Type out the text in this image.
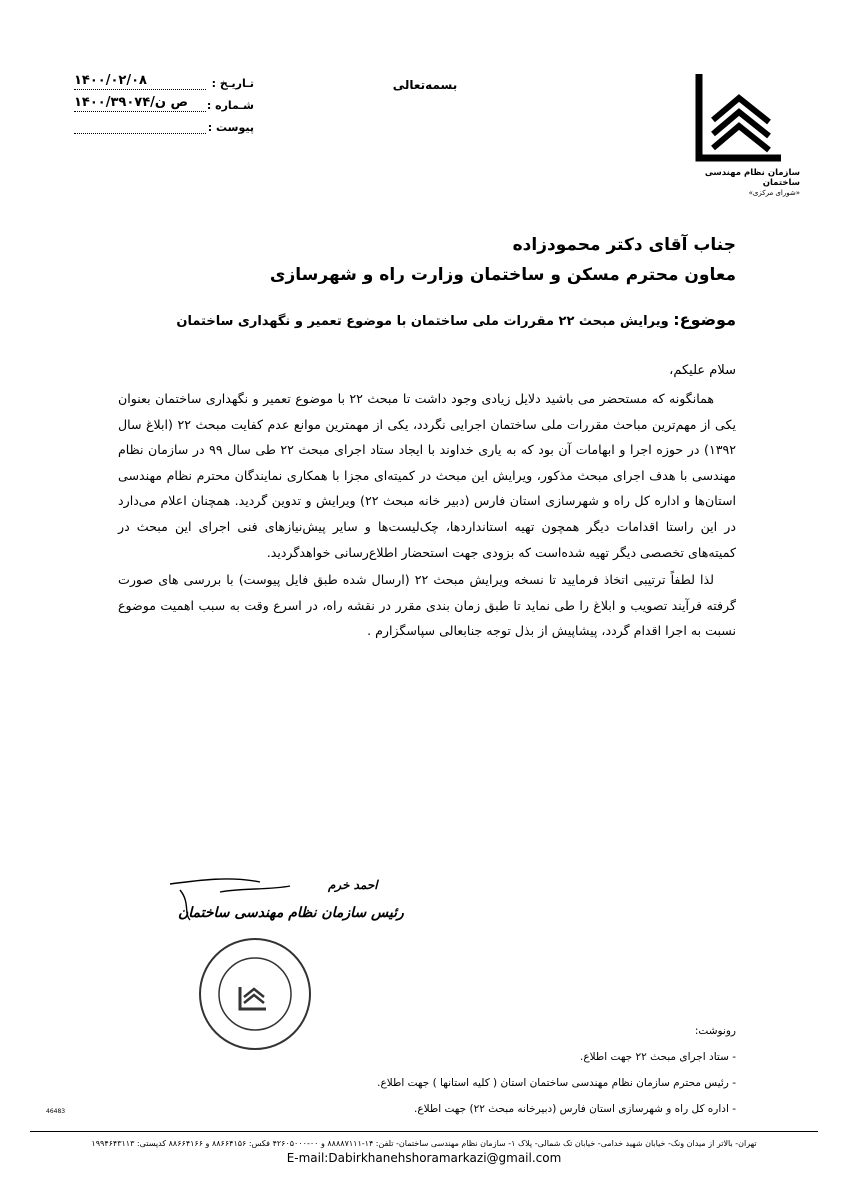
بسمه‌تعالی
سازمان نظام مهندسی ساختمان
«شورای مرکزی»
تـاریـخ :
۱۴۰۰/۰۲/۰۸
شـماره :
۱۴۰۰/۳۹۰۷۴/ص ن
پیوست :
جناب آقای دکتر محمودزاده
معاون محترم مسکن و ساختمان وزارت راه و شهرسازی
موضوع: ویرایش مبحث ۲۲ مقررات ملی ساختمان با موضوع تعمیر و نگهداری ساختمان
سلام علیکم،

همانگونه که مستحضر می باشید دلایل زیادی وجود داشت تا مبحث ۲۲ با موضوع تعمیر و نگهداری ساختمان بعنوان یکی از مهم‌ترین مباحث مقررات ملی ساختمان اجرایی نگردد، یکی از مهمترین موانع عدم کفایت مبحث ۲۲ (ابلاغ سال ۱۳۹۲) در حوزه اجرا و ابهامات آن بود که به یاری خداوند با ایجاد ستاد اجرای مبحث ۲۲ طی سال ۹۹ در سازمان نظام مهندسی با هدف اجرای مبحث مذکور، ویرایش این مبحث در کمیته‌ای مجزا با همکاری نمایندگان محترم نظام مهندسی استان‌ها و اداره کل راه و شهرسازی استان فارس (دبیر خانه مبحث ۲۲) ویرایش و تدوین گردید. همچنان اعلام می‌دارد در این راستا اقدامات دیگر همچون تهیه استانداردها، چک‌لیست‌ها و سایر پیش‌نیازهای فنی اجرای این مبحث در کمیته‌های تخصصی دیگر تهیه شده‌است که بزودی جهت استحضار اطلاع‌رسانی خواهدگردید.

لذا لطفاً ترتیبی اتخاذ فرمایید تا نسخه ویرایش مبحث ۲۲ (ارسال شده طبق فایل پیوست) با بررسی های صورت گرفته فرآیند تصویب و ابلاغ را طی نماید تا طبق زمان بندی مقرر در نقشه راه، در اسرع وقت به سبب اهمیت موضوع نسبت به اجرا اقدام گردد، پیشاپیش از بذل توجه جنابعالی سپاسگزارم .

احمد خرم
رئیس سازمان نظام مهندسی ساختمان
رونوشت:
- ستاد اجرای مبحث ۲۲ جهت اطلاع.
- رئیس محترم سازمان نظام مهندسی ساختمان استان ( کلیه استانها ) جهت اطلاع.
- اداره کل راه و شهرسازی استان فارس (دبیرخانه مبحث ۲۲) جهت اطلاع.
46483
تهران- بالاتر از میدان ونک- خیابان شهید خدامی- خیابان تک شمالی- پلاک ۱- سازمان نظام مهندسی ساختمان- تلفن: ۱۴-۸۸۸۸۷۱۱۱ و ۰۰-۴۲۶۰۵۰۰۰ فکس: ۸۸۶۶۴۱۵۶ و ۸۸۶۶۴۱۶۶ کدپستی: ۱۹۹۴۶۴۳۱۱۳
E-mail:Dabirkhanehshoramarkazi@gmail.com
